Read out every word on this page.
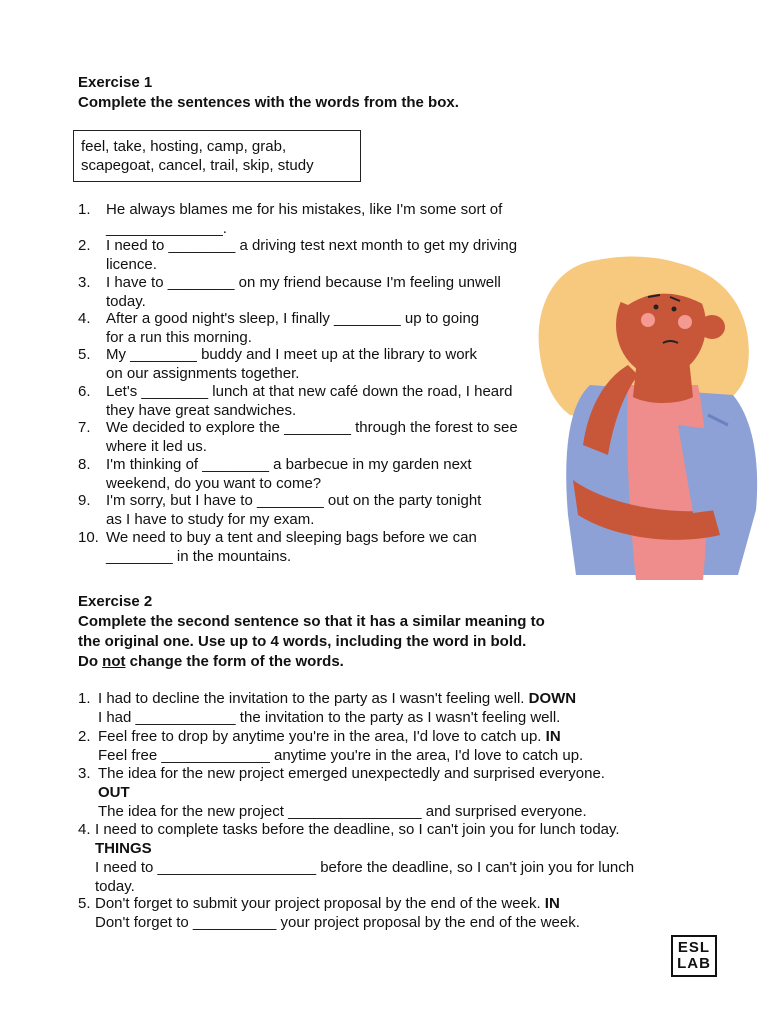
Exercise 1
Complete the sentences with the words from the box.
feel, take, hosting, camp, grab,
scapegoat, cancel, trail, skip, study
1.	He always blames me for his mistakes, like I'm some sort of ______________.
2.	I need to ________ a driving test next month to get my driving licence.
3.	I have to ________ on my friend because I'm feeling unwell today.
4.	After a good night's sleep, I finally ________ up to going for a run this morning.
5.	My ________ buddy and I meet up at the library to work on our assignments together.
6.	Let's ________ lunch at that new café down the road, I heard they have great sandwiches.
7.	We decided to explore the ________ through the forest to see where it led us.
8.	I'm thinking of ________ a barbecue in my garden next weekend, do you want to come?
9.	I'm sorry, but I have to ________ out on the party tonight as I have to study for my exam.
10. We need to buy a tent and sleeping bags before we can ________ in the mountains.
Exercise 2
Complete the second sentence so that it has a similar meaning to the original one. Use up to 4 words, including the word in bold. Do not change the form of the words.
1. I had to decline the invitation to the party as I wasn't feeling well. DOWN
I had ____________ the invitation to the party as I wasn't feeling well.
2. Feel free to drop by anytime you're in the area, I'd love to catch up. IN
Feel free _____________ anytime you're in the area, I'd love to catch up.
3. The idea for the new project emerged unexpectedly and surprised everyone. OUT
The idea for the new project ________________ and surprised everyone.
4. I need to complete tasks before the deadline, so I can't join you for lunch today. THINGS
I need to ___________________ before the deadline, so I can't join you for lunch today.
5. Don't forget to submit your project proposal by the end of the week. IN
Don't forget to __________ your project proposal by the end of the week.
ESL
LAB
